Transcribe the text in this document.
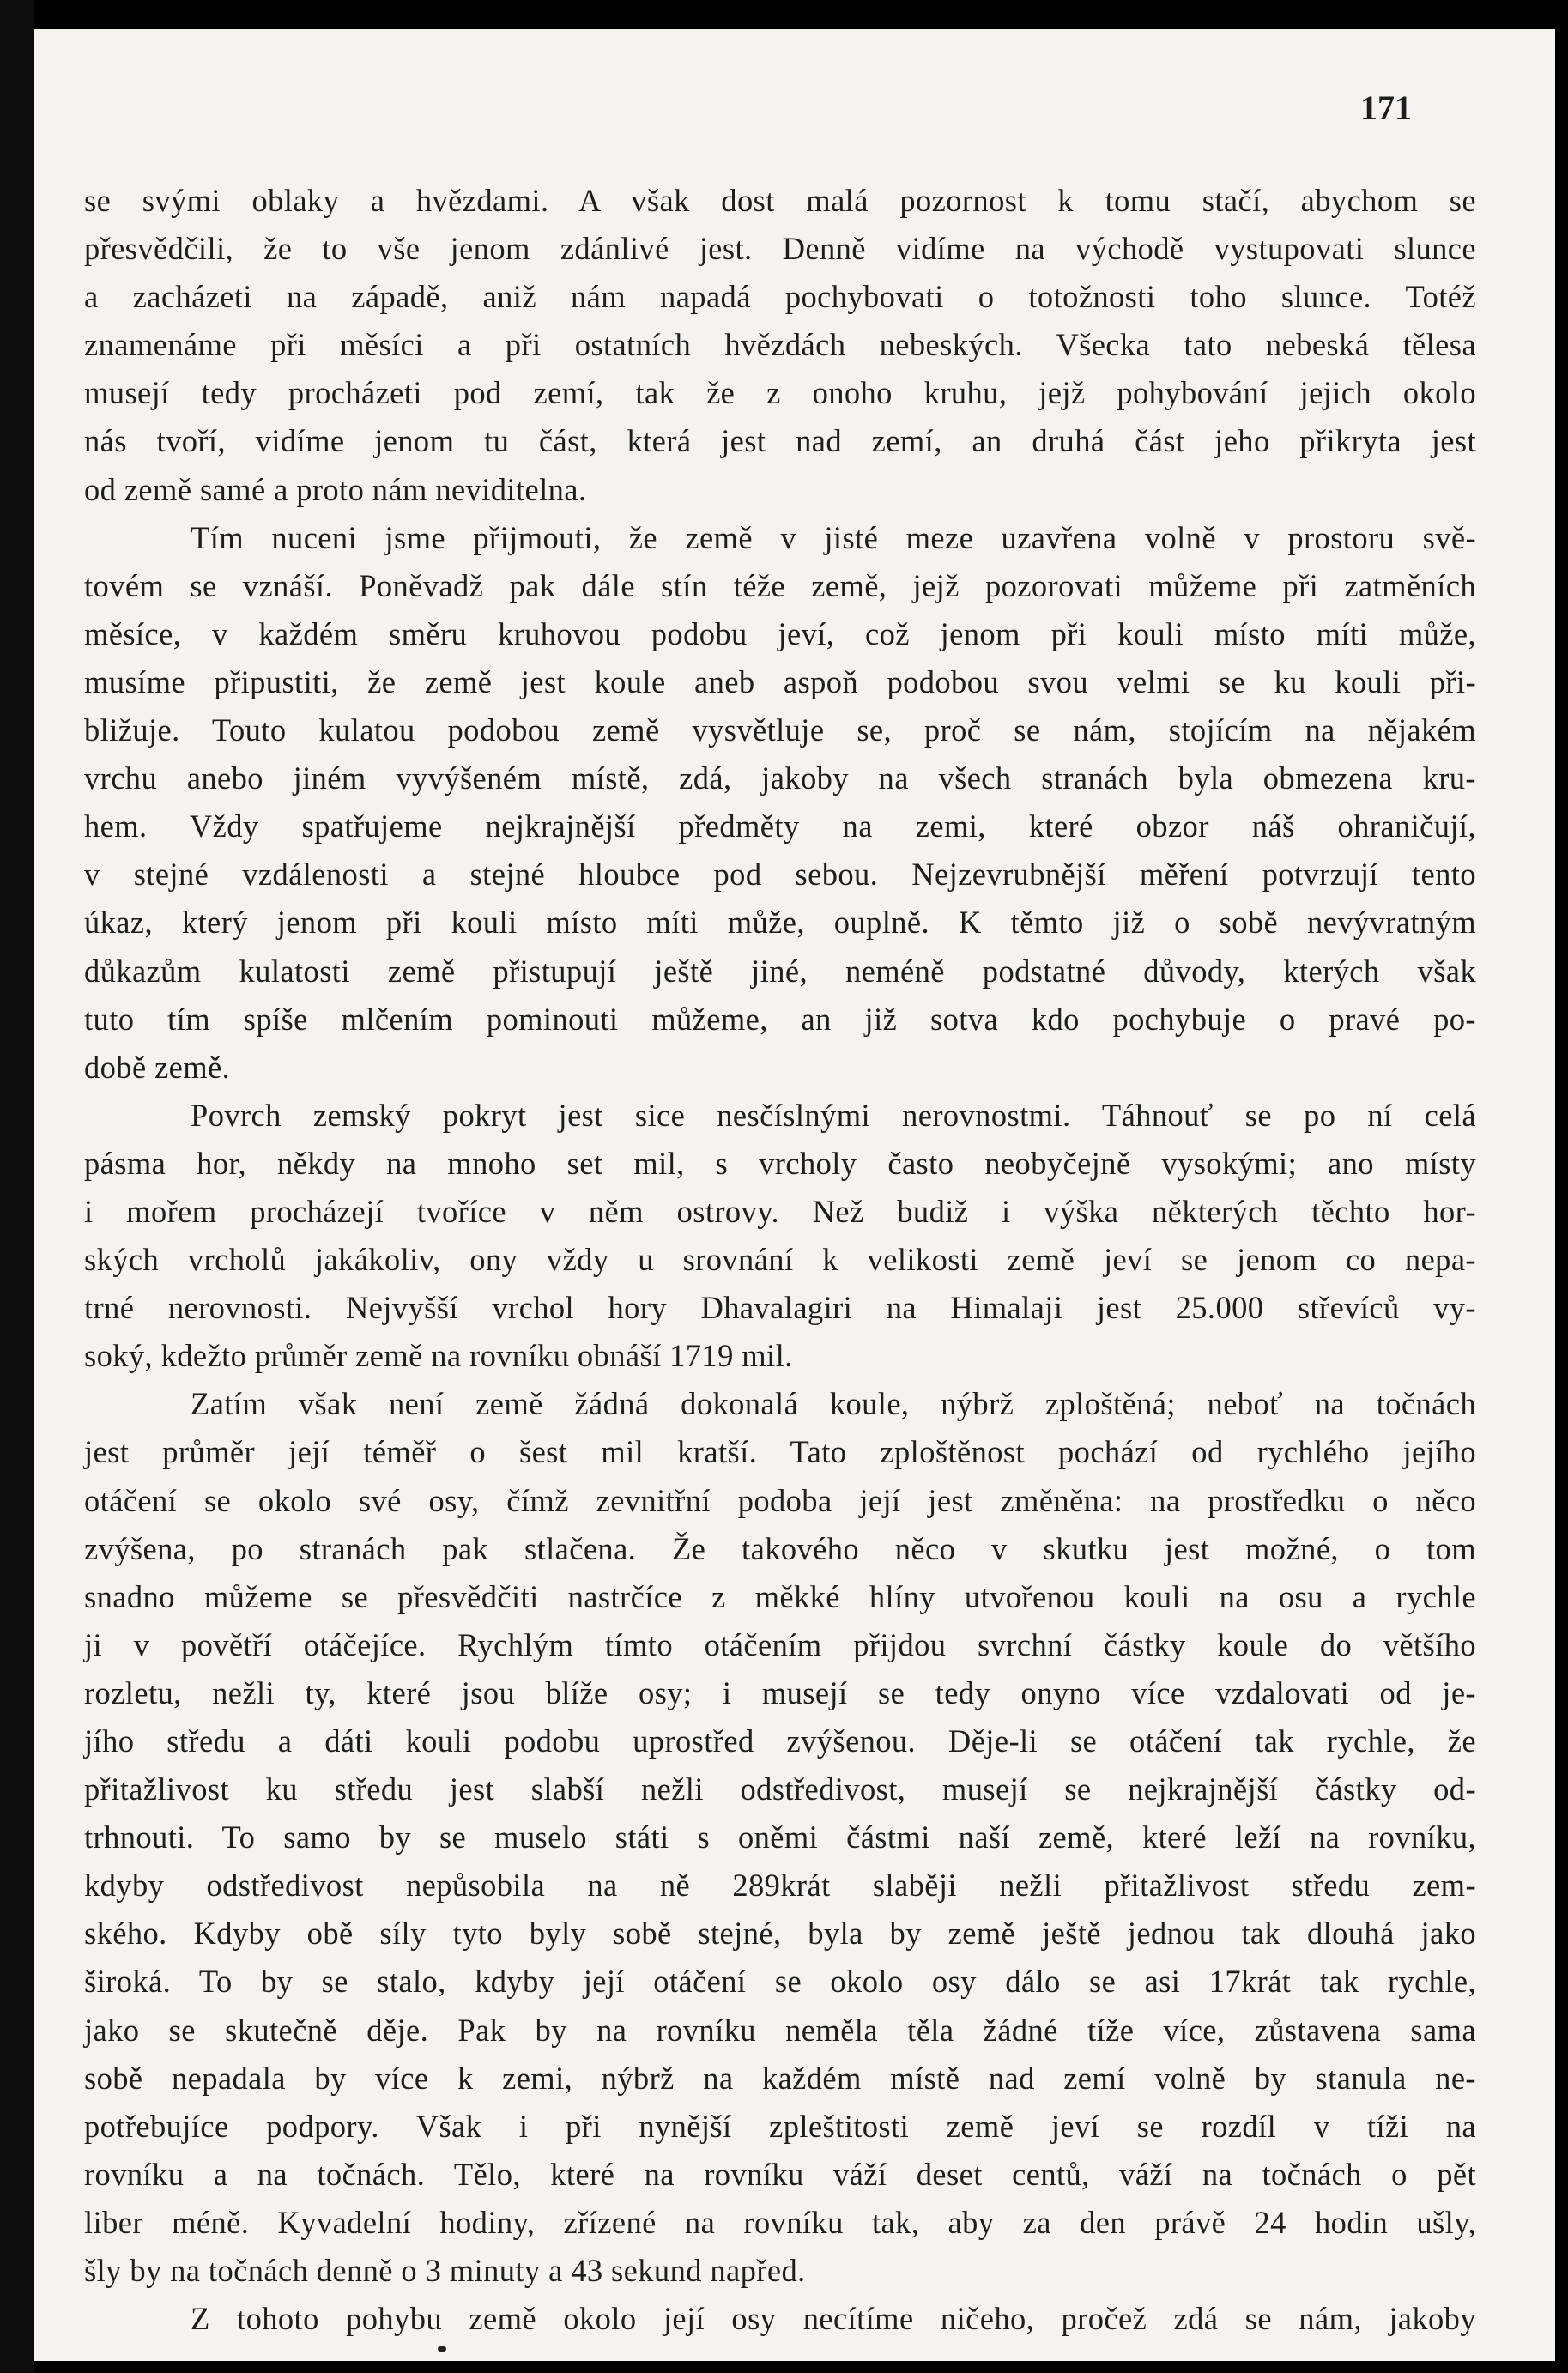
171
se svými oblaky a hvězdami. A však dost malá pozornost k tomu stačí, abychom se
přesvědčili, že to vše jenom zdánlivé jest. Denně vidíme na východě vystupovati slunce
a zacházeti na západě, aniž nám napadá pochybovati o totožnosti toho slunce. Totéž
znamenáme při měsíci a při ostatních hvězdách nebeských. Všecka tato nebeská tělesa
musejí tedy procházeti pod zemí, tak že z onoho kruhu, jejž pohybování jejich okolo
nás tvoří, vidíme jenom tu část, která jest nad zemí, an druhá část jeho přikryta jest
od země samé a proto nám neviditelna.
Tím nuceni jsme přijmouti, že země v jisté meze uzavřena volně v prostoru svě-
tovém se vznáší. Poněvadž pak dále stín téže země, jejž pozorovati můžeme při zatměních
měsíce, v každém směru kruhovou podobu jeví, což jenom při kouli místo míti může,
musíme připustiti, že země jest koule aneb aspoň podobou svou velmi se ku kouli při-
bližuje. Touto kulatou podobou země vysvětluje se, proč se nám, stojícím na nějakém
vrchu anebo jiném vyvýšeném místě, zdá, jakoby na všech stranách byla obmezena kru-
hem. Vždy spatřujeme nejkrajnější předměty na zemi, které obzor náš ohraničují,
v stejné vzdálenosti a stejné hloubce pod sebou. Nejzevrubnější měření potvrzují tento
úkaz, který jenom při kouli místo míti může, ouplně. K těmto již o sobě nevývratným
důkazům kulatosti země přistupují ještě jiné, neméně podstatné důvody, kterých však
tuto tím spíše mlčením pominouti můžeme, an již sotva kdo pochybuje o pravé po-
době země.
Povrch zemský pokryt jest sice nesčíslnými nerovnostmi. Táhnouť se po ní celá
pásma hor, někdy na mnoho set mil, s vrcholy často neobyčejně vysokými; ano místy
i mořem procházejí tvoříce v něm ostrovy. Než budiž i výška některých těchto hor-
ských vrcholů jakákoliv, ony vždy u srovnání k velikosti země jeví se jenom co nepa-
trné nerovnosti. Nejvyšší vrchol hory Dhavalagiri na Himalaji jest 25.000 střevíců vy-
soký, kdežto průměr země na rovníku obnáší 1719 mil.
Zatím však není země žádná dokonalá koule, nýbrž zploštěná; neboť na točnách
jest průměr její téměř o šest mil kratší. Tato zploštěnost pochází od rychlého jejího
otáčení se okolo své osy, čímž zevnitřní podoba její jest změněna: na prostředku o něco
zvýšena, po stranách pak stlačena. Že takového něco v skutku jest možné, o tom
snadno můžeme se přesvědčiti nastrčíce z měkké hlíny utvořenou kouli na osu a rychle
ji v povětří otáčejíce. Rychlým tímto otáčením přijdou svrchní částky koule do většího
rozletu, nežli ty, které jsou blíže osy; i musejí se tedy onyno více vzdalovati od je-
jího středu a dáti kouli podobu uprostřed zvýšenou. Děje-li se otáčení tak rychle, že
přitažlivost ku středu jest slabší nežli odstředivost, musejí se nejkrajnější částky od-
trhnouti. To samo by se muselo státi s oněmi částmi naší země, které leží na rovníku,
kdyby odstředivost nepůsobila na ně 289krát slaběji nežli přitažlivost středu zem-
ského. Kdyby obě síly tyto byly sobě stejné, byla by země ještě jednou tak dlouhá jako
široká. To by se stalo, kdyby její otáčení se okolo osy dálo se asi 17krát tak rychle,
jako se skutečně děje. Pak by na rovníku neměla těla žádné tíže více, zůstavena sama
sobě nepadala by více k zemi, nýbrž na každém místě nad zemí volně by stanula ne-
potřebujíce podpory. Však i při nynější zpleštitosti země jeví se rozdíl v tíži na
rovníku a na točnách. Tělo, které na rovníku váží deset centů, váží na točnách o pět
liber méně. Kyvadelní hodiny, zřízené na rovníku tak, aby za den právě 24 hodin ušly,
šly by na točnách denně o 3 minuty a 43 sekund napřed.
Z tohoto pohybu země okolo její osy necítíme ničeho, pročež zdá se nám, jakoby
